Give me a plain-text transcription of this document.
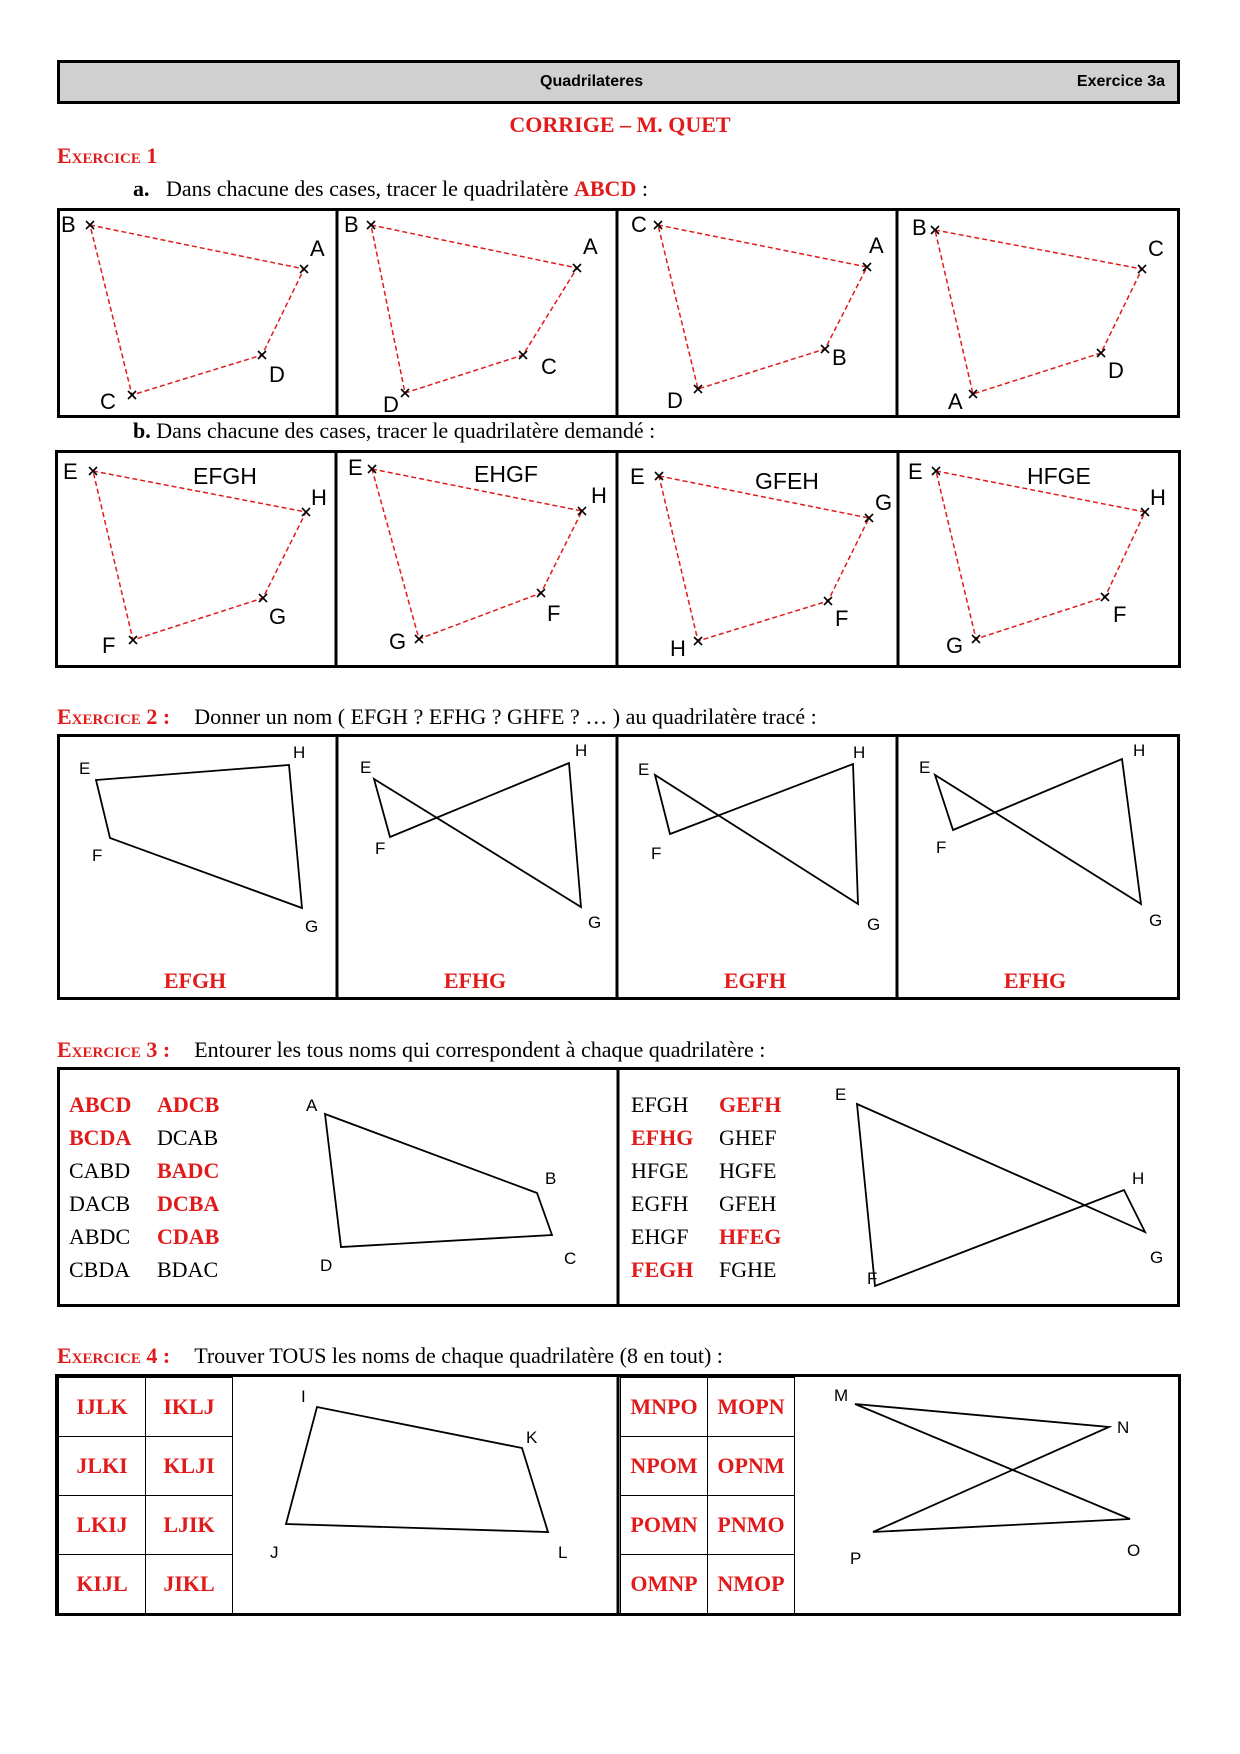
Quadrilateres	Exercice 3a
CORRIGE – M. QUET
Exercice 1
a. Dans chacune des cases, tracer le quadrilatère ABCD :
B
A
D
C
B
A
C
D
C
A
B
D
B
C
D
A
b. Dans chacune des cases, tracer le quadrilatère demandé :
E
H
G
F
E
H
F
G
E
G
F
H
E
H
F
G
EFGH	EHGF	GFEH	HFGE
Exercice 2 : Donner un nom ( EFGH ? EFHG ? GHFE ? … ) au quadrilatère tracé :
E
H
G
F
E
H
G
F
E
H
G
F
E
H
G
F
EFGH	EFHG	EGFH	EFHG
Exercice 3 : Entourer les tous noms qui correspondent à chaque quadrilatère :
A
B
C
D
E
H
G
F
ABCD ADCB
BCDA DCAB
CABD BADC
DACB DCBA
ABDC CDAB
CBDA BDAC
EFGH GEFH
EFHG GHEF
HFGE HGFE
EGFH GFEH
EHGF HFEG
FEGH FGHE
Exercice 4 : Trouver TOUS les noms de chaque quadrilatère (8 en tout) :
I
K
L
J
M
N
O
P
IJLK	IKLJ
JLKI	KLJI
LKIJ	LJIK
KIJL	JIKL
MNPO	MOPN
NPOM	OPNM
POMN	PNMO
OMNP	NMOP
